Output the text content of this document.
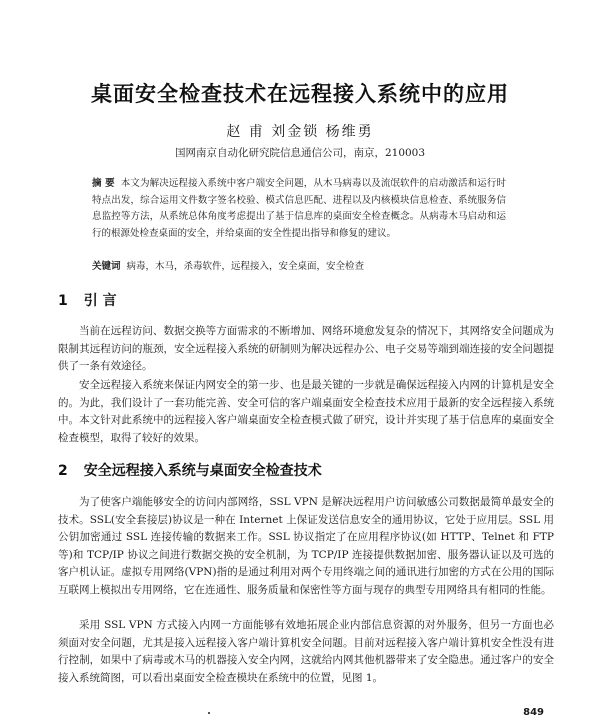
桌面安全检查技术在远程接入系统中的应用
赵 甫 刘金锁 杨维勇
国网南京自动化研究院信息通信公司，南京，210003
摘 要 本文为解决远程接入系统中客户端安全问题，从木马病毒以及流氓软件的启动激活和运行时特点出发，综合运用文件数字签名校验、模式信息匹配、进程以及内核模块信息检查、系统服务信息监控等方法，从系统总体角度考虑提出了基于信息库的桌面安全检查概念。从病毒木马启动和运行的根源处检查桌面的安全，并给桌面的安全性提出指导和修复的建议。
关键词 病毒，木马，杀毒软件，远程接入，安全桌面，安全检查
1 引 言

当前在远程访问、数据交换等方面需求的不断增加、网络环境愈发复杂的情况下，其网络安全问题成为限制其远程访问的瓶颈，安全远程接入系统的研制则为解决远程办公、电子交易等端到端连接的安全问题提供了一条有效途径。

安全远程接入系统来保证内网安全的第一步、也是最关键的一步就是确保远程接入内网的计算机是安全的。为此，我们设计了一套功能完善、安全可信的客户端桌面安全检查技术应用于最新的安全远程接入系统中。本文针对此系统中的远程接入客户端桌面安全检查模式做了研究，设计并实现了基于信息库的桌面安全检查模型，取得了较好的效果。

2 安全远程接入系统与桌面安全检查技术

为了使客户端能够安全的访问内部网络，SSL VPN 是解决远程用户访问敏感公司数据最简单最安全的技术。SSL(安全套接层)协议是一种在 Internet 上保证发送信息安全的通用协议，它处于应用层。SSL 用公钥加密通过 SSL 连接传输的数据来工作。SSL 协议指定了在应用程序协议(如 HTTP、Telnet 和 FTP 等)和 TCP/IP 协议之间进行数据交换的安全机制，为 TCP/IP 连接提供数据加密、服务器认证以及可选的客户机认证。虚拟专用网络(VPN)指的是通过利用对两个专用终端之间的通讯进行加密的方式在公用的国际互联网上模拟出专用网络，它在连通性、服务质量和保密性等方面与现存的典型专用网络具有相同的性能。

采用 SSL VPN 方式接入内网一方面能够有效地拓展企业内部信息资源的对外服务，但另一方面也必须面对安全问题，尤其是接入远程接入客户端计算机安全问题。目前对远程接入客户端计算机安全性没有进行控制，如果中了病毒或木马的机器接入安全内网，这就给内网其他机器带来了安全隐患。通过客户的安全接入系统简图，可以看出桌面安全检查模块在系统中的位置，见图 1。

849
